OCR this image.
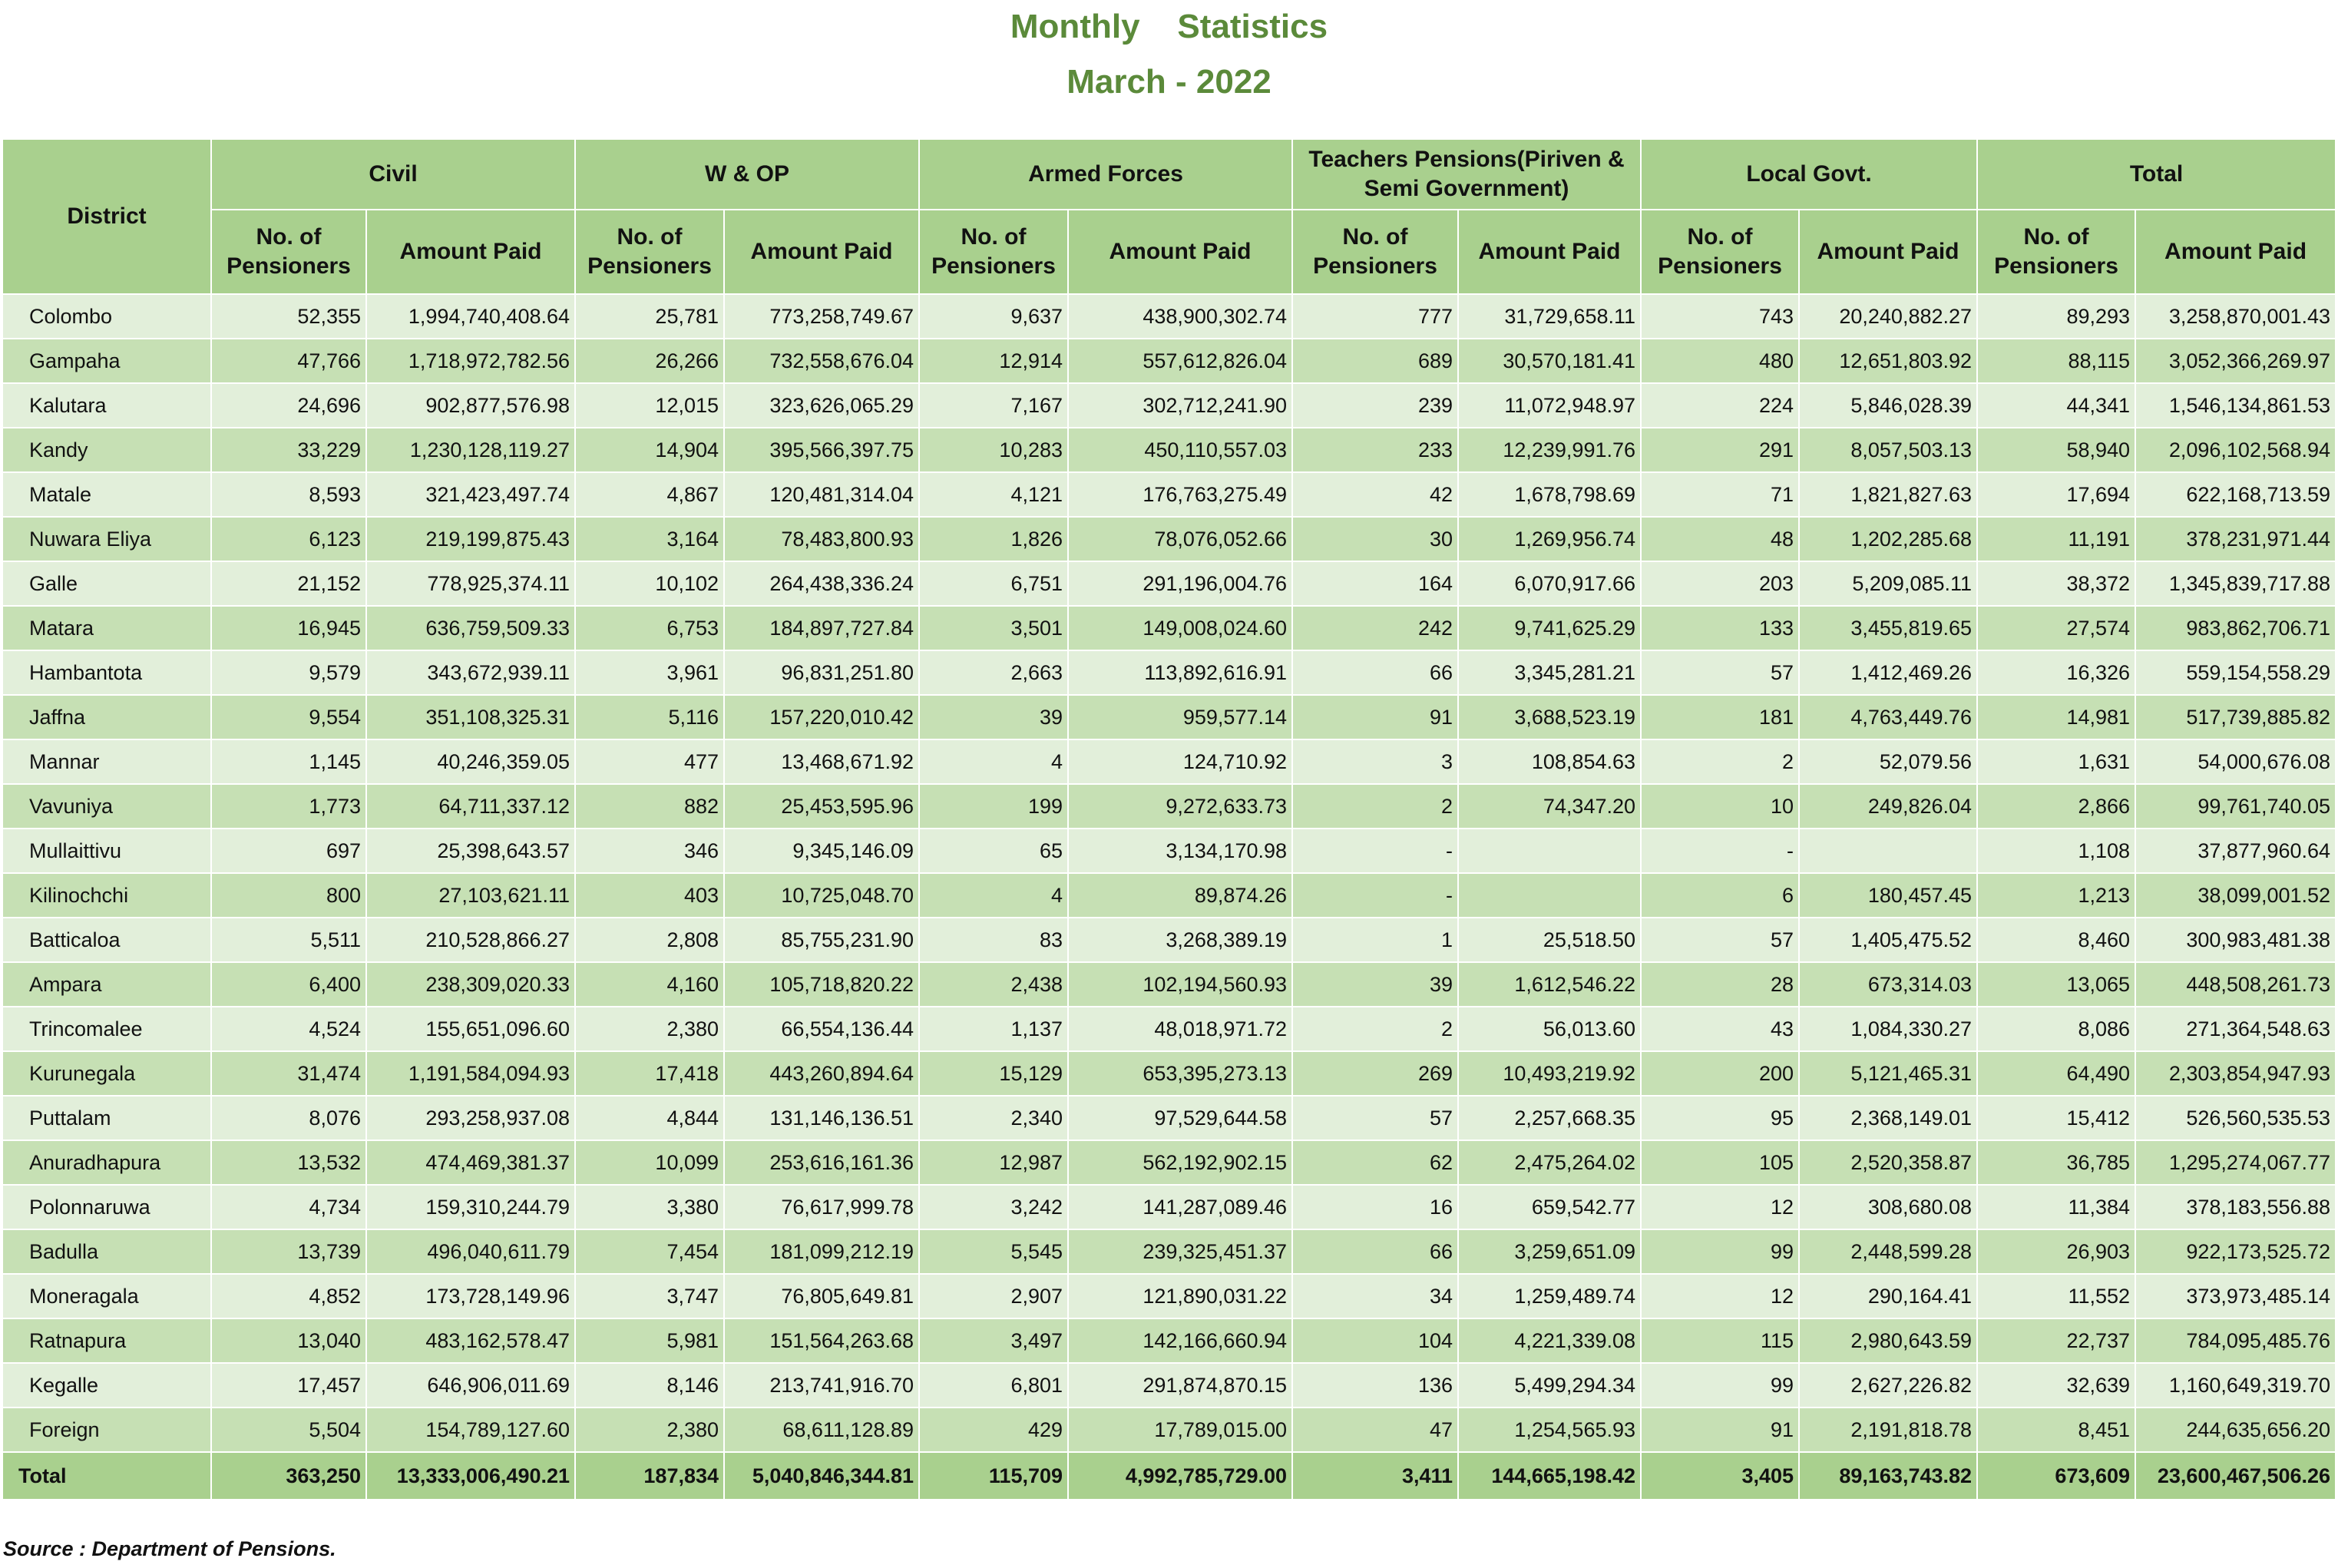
Monthly    Statistics
March - 2022
District	Civil		W & OP		Armed Forces		Teachers Pensions(Piriven & Semi Government)		Local Govt.		Total	
	No. of Pensioners	Amount Paid	No. of Pensioners	Amount Paid	No. of Pensioners	Amount Paid	No. of Pensioners	Amount Paid	No. of Pensioners	Amount Paid	No. of Pensioners	Amount Paid
Colombo	52,355	1,994,740,408.64	25,781	773,258,749.67	9,637	438,900,302.74	777	31,729,658.11	743	20,240,882.27	89,293	3,258,870,001.43
Gampaha	47,766	1,718,972,782.56	26,266	732,558,676.04	12,914	557,612,826.04	689	30,570,181.41	480	12,651,803.92	88,115	3,052,366,269.97
Kalutara	24,696	902,877,576.98	12,015	323,626,065.29	7,167	302,712,241.90	239	11,072,948.97	224	5,846,028.39	44,341	1,546,134,861.53
Kandy	33,229	1,230,128,119.27	14,904	395,566,397.75	10,283	450,110,557.03	233	12,239,991.76	291	8,057,503.13	58,940	2,096,102,568.94
Matale	8,593	321,423,497.74	4,867	120,481,314.04	4,121	176,763,275.49	42	1,678,798.69	71	1,821,827.63	17,694	622,168,713.59
Nuwara Eliya	6,123	219,199,875.43	3,164	78,483,800.93	1,826	78,076,052.66	30	1,269,956.74	48	1,202,285.68	11,191	378,231,971.44
Galle	21,152	778,925,374.11	10,102	264,438,336.24	6,751	291,196,004.76	164	6,070,917.66	203	5,209,085.11	38,372	1,345,839,717.88
Matara	16,945	636,759,509.33	6,753	184,897,727.84	3,501	149,008,024.60	242	9,741,625.29	133	3,455,819.65	27,574	983,862,706.71
Hambantota	9,579	343,672,939.11	3,961	96,831,251.80	2,663	113,892,616.91	66	3,345,281.21	57	1,412,469.26	16,326	559,154,558.29
Jaffna	9,554	351,108,325.31	5,116	157,220,010.42	39	959,577.14	91	3,688,523.19	181	4,763,449.76	14,981	517,739,885.82
Mannar	1,145	40,246,359.05	477	13,468,671.92	4	124,710.92	3	108,854.63	2	52,079.56	1,631	54,000,676.08
Vavuniya	1,773	64,711,337.12	882	25,453,595.96	199	9,272,633.73	2	74,347.20	10	249,826.04	2,866	99,761,740.05
Mullaittivu	697	25,398,643.57	346	9,345,146.09	65	3,134,170.98	-		-		1,108	37,877,960.64
Kilinochchi	800	27,103,621.11	403	10,725,048.70	4	89,874.26	-		6	180,457.45	1,213	38,099,001.52
Batticaloa	5,511	210,528,866.27	2,808	85,755,231.90	83	3,268,389.19	1	25,518.50	57	1,405,475.52	8,460	300,983,481.38
Ampara	6,400	238,309,020.33	4,160	105,718,820.22	2,438	102,194,560.93	39	1,612,546.22	28	673,314.03	13,065	448,508,261.73
Trincomalee	4,524	155,651,096.60	2,380	66,554,136.44	1,137	48,018,971.72	2	56,013.60	43	1,084,330.27	8,086	271,364,548.63
Kurunegala	31,474	1,191,584,094.93	17,418	443,260,894.64	15,129	653,395,273.13	269	10,493,219.92	200	5,121,465.31	64,490	2,303,854,947.93
Puttalam	8,076	293,258,937.08	4,844	131,146,136.51	2,340	97,529,644.58	57	2,257,668.35	95	2,368,149.01	15,412	526,560,535.53
Anuradhapura	13,532	474,469,381.37	10,099	253,616,161.36	12,987	562,192,902.15	62	2,475,264.02	105	2,520,358.87	36,785	1,295,274,067.77
Polonnaruwa	4,734	159,310,244.79	3,380	76,617,999.78	3,242	141,287,089.46	16	659,542.77	12	308,680.08	11,384	378,183,556.88
Badulla	13,739	496,040,611.79	7,454	181,099,212.19	5,545	239,325,451.37	66	3,259,651.09	99	2,448,599.28	26,903	922,173,525.72
Moneragala	4,852	173,728,149.96	3,747	76,805,649.81	2,907	121,890,031.22	34	1,259,489.74	12	290,164.41	11,552	373,973,485.14
Ratnapura	13,040	483,162,578.47	5,981	151,564,263.68	3,497	142,166,660.94	104	4,221,339.08	115	2,980,643.59	22,737	784,095,485.76
Kegalle	17,457	646,906,011.69	8,146	213,741,916.70	6,801	291,874,870.15	136	5,499,294.34	99	2,627,226.82	32,639	1,160,649,319.70
Foreign	5,504	154,789,127.60	2,380	68,611,128.89	429	17,789,015.00	47	1,254,565.93	91	2,191,818.78	8,451	244,635,656.20
Total	363,250	13,333,006,490.21	187,834	5,040,846,344.81	115,709	4,992,785,729.00	3,411	144,665,198.42	3,405	89,163,743.82	673,609	23,600,467,506.26
Source : Department of Pensions.
